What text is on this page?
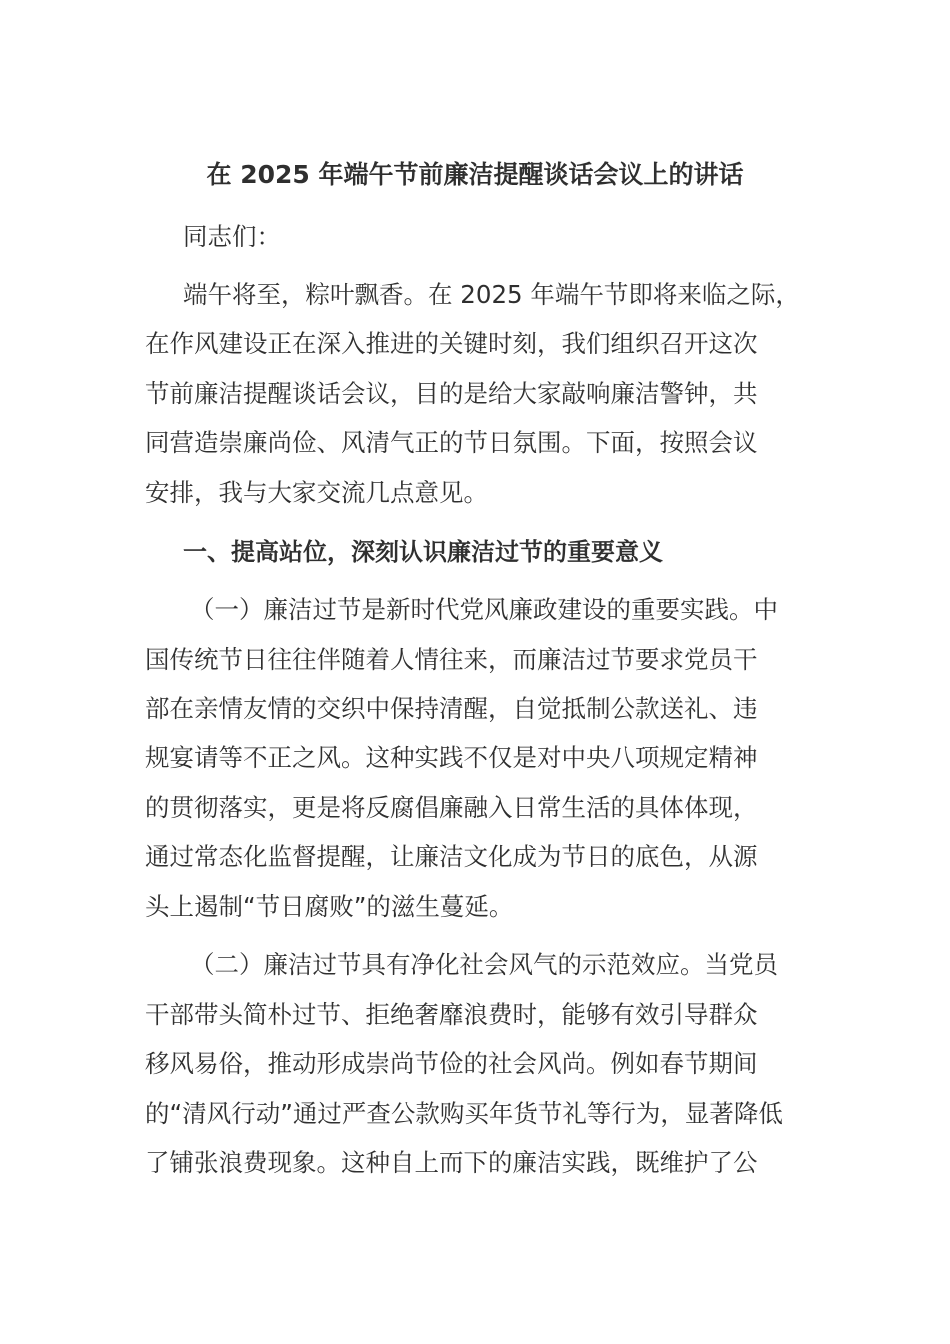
在 2025 年端午节前廉洁提醒谈话会议上的讲话
同志们：
端午将至，粽叶飘香。在 2025 年端午节即将来临之际，
在作风建设正在深入推进的关键时刻，我们组织召开这次
节前廉洁提醒谈话会议，目的是给大家敲响廉洁警钟，共
同营造崇廉尚俭、风清气正的节日氛围。下面，按照会议
安排，我与大家交流几点意见。
一、提高站位，深刻认识廉洁过节的重要意义
（一）廉洁过节是新时代党风廉政建设的重要实践。中
国传统节日往往伴随着人情往来，而廉洁过节要求党员干
部在亲情友情的交织中保持清醒，自觉抵制公款送礼、违
规宴请等不正之风。这种实践不仅是对中央八项规定精神
的贯彻落实，更是将反腐倡廉融入日常生活的具体体现，
通过常态化监督提醒，让廉洁文化成为节日的底色，从源
头上遏制“节日腐败”的滋生蔓延。
（二）廉洁过节具有净化社会风气的示范效应。当党员
干部带头简朴过节、拒绝奢靡浪费时，能够有效引导群众
移风易俗，推动形成崇尚节俭的社会风尚。例如春节期间
的“清风行动”通过严查公款购买年货节礼等行为，显著降低
了铺张浪费现象。这种自上而下的廉洁实践，既维护了公
